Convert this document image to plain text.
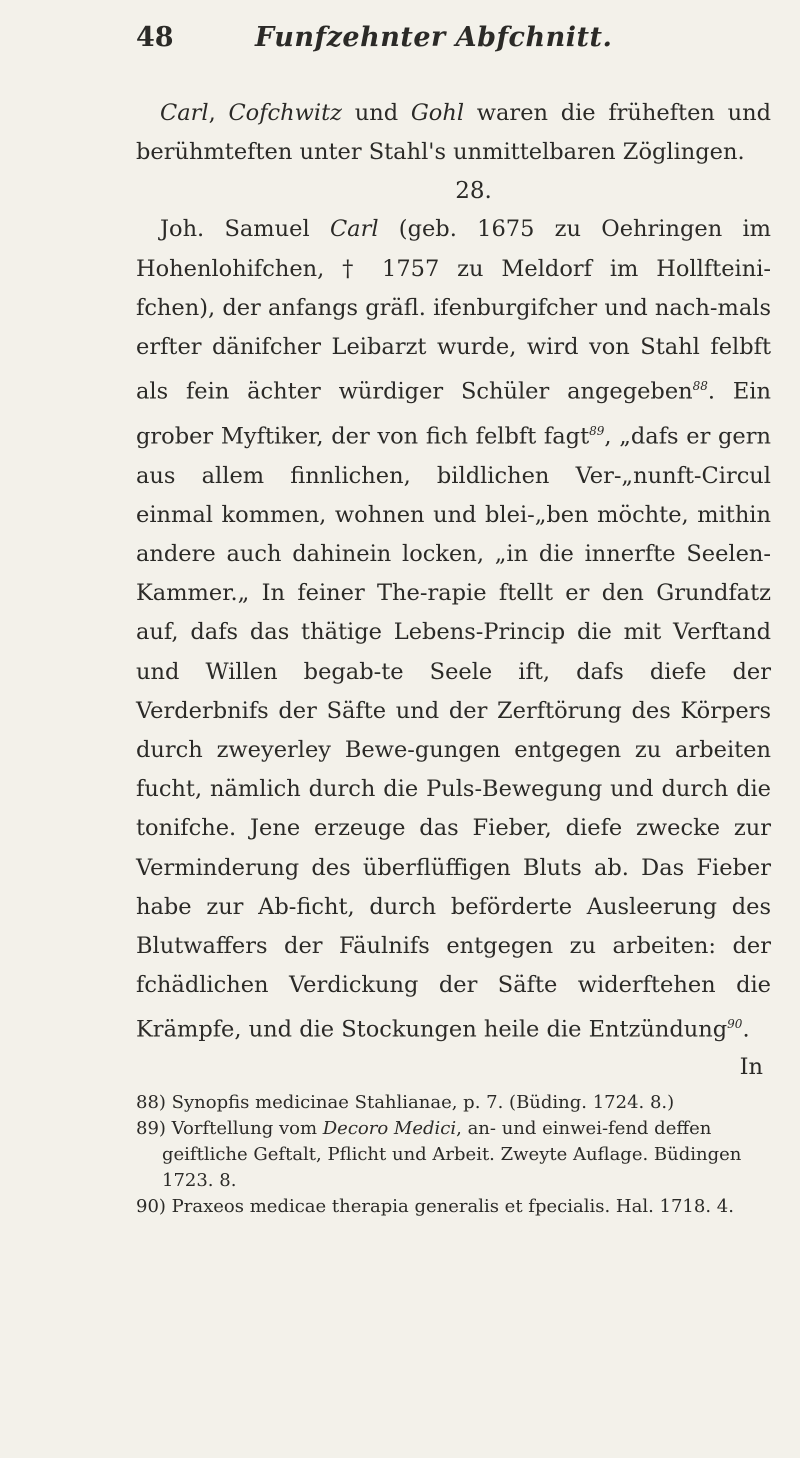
48	Funfzehnter Abfchnitt.

Carl, Cofchwitz und Gohl waren die früheften und berühmteften unter Stahl's unmittelbaren Zöglingen.

28.

Joh. Samuel Carl (geb. 1675 zu Oehringen im Hohenlohifchen, † 1757 zu Meldorf im Hollfteini-fchen), der anfangs gräfl. ifenburgifcher und nach-mals erfter dänifcher Leibarzt wurde, wird von Stahl felbft als fein ächter würdiger Schüler angegeben$^{88}$. Ein grober Myftiker, der von fich felbft fagt$^{89}$, „dafs er gern aus allem finnlichen, bildlichen Ver-„nunft-Circul einmal kommen, wohnen und blei-„ben möchte, mithin andere auch dahinein locken, „in die innerfte Seelen-Kammer.„ In feiner The-rapie ftellt er den Grundfatz auf, dafs das thätige Lebens-Princip die mit Verftand und Willen begab-te Seele ift, dafs diefe der Verderbnifs der Säfte und der Zerftörung des Körpers durch zweyerley Bewe-gungen entgegen zu arbeiten fucht, nämlich durch die Puls-Bewegung und durch die tonifche. Jene erzeuge das Fieber, diefe zwecke zur Verminderung des überflüffigen Bluts ab. Das Fieber habe zur Ab-ficht, durch beförderte Ausleerung des Blutwaffers der Fäulnifs entgegen zu arbeiten: der fchädlichen Verdickung der Säfte widerftehen die Krämpfe, und die Stockungen heile die Entzündung$^{90}$.

In

88) Synopfis medicinae Stahlianae, p. 7. (Büding. 1724. 8.)

89) Vorftellung vom Decoro Medici, an- und einwei-fend deffen geiftliche Geftalt, Pflicht und Arbeit. Zweyte Auflage. Büdingen 1723. 8.

90) Praxeos medicae therapia generalis et fpecialis. Hal. 1718. 4.
